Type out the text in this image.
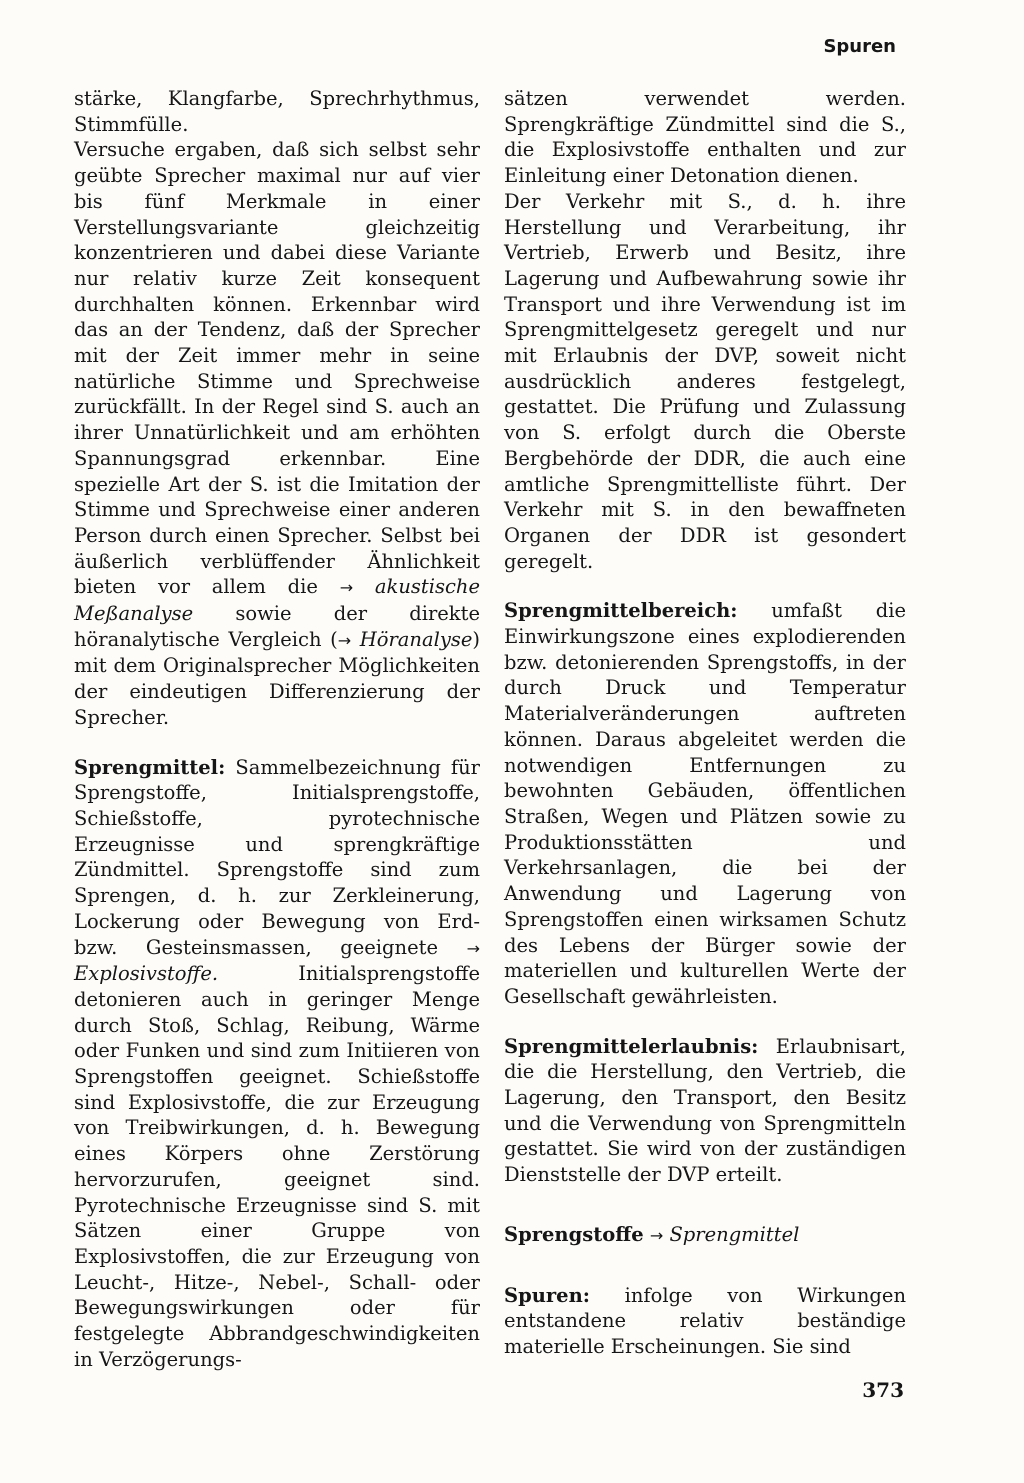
Spuren

stärke, Klangfarbe, Sprechrhythmus, Stimmfülle.

Versuche ergaben, daß sich selbst sehr geübte Sprecher maximal nur auf vier bis fünf Merkmale in einer Verstellungsvariante gleichzeitig konzentrieren und dabei diese Variante nur relativ kurze Zeit konsequent durchhalten können. Erkennbar wird das an der Tendenz, daß der Sprecher mit der Zeit immer mehr in seine natürliche Stimme und Sprechweise zurückfällt. In der Regel sind S. auch an ihrer Unnatürlichkeit und am erhöhten Spannungsgrad erkennbar. Eine spezielle Art der S. ist die Imitation der Stimme und Sprechweise einer anderen Person durch einen Sprecher. Selbst bei äußerlich verblüffender Ähnlichkeit bieten vor allem die → akustische Meßanalyse sowie der direkte höranalytische Vergleich (→ Höranalyse) mit dem Originalsprecher Möglichkeiten der eindeutigen Differenzierung der Sprecher.

Sprengmittel: Sammelbezeichnung für Sprengstoffe, Initialsprengstoffe, Schießstoffe, pyrotechnische Erzeugnisse und sprengkräftige Zündmittel. Sprengstoffe sind zum Sprengen, d. h. zur Zerkleinerung, Lockerung oder Bewegung von Erd- bzw. Gesteinsmassen, geeignete → Explosivstoffe.	Initialsprengstoffe detonieren auch in geringer Menge durch Stoß, Schlag, Reibung, Wärme oder Funken und sind zum Initiieren von Sprengstoffen geeignet. Schießstoffe sind Explosivstoffe, die zur Erzeugung von Treibwirkungen, d. h. Bewegung eines Körpers ohne Zerstörung hervorzurufen, geeignet sind. Pyrotechnische Erzeugnisse sind S. mit Sätzen einer Gruppe von Explosivstoffen, die zur Erzeugung von Leucht-, Hitze-, Nebel-, Schall- oder Bewegungswirkungen oder für festgelegte Abbrandgeschwindigkeiten in Verzögerungs-

sätzen verwendet werden. Sprengkräftige Zündmittel sind die S., die Explosivstoffe enthalten und zur Einleitung einer Detonation dienen.

Der Verkehr mit S., d. h. ihre Herstellung und Verarbeitung, ihr Vertrieb, Erwerb und Besitz, ihre Lagerung und Aufbewahrung sowie ihr Transport und ihre Verwendung ist im Sprengmittelgesetz geregelt und nur mit Erlaubnis der DVP, soweit nicht ausdrücklich anderes festgelegt, gestattet. Die Prüfung und Zulassung von S. erfolgt durch die Oberste Bergbehörde der DDR, die auch eine amtliche Sprengmittelliste führt. Der Verkehr mit S. in den bewaffneten Organen der DDR ist gesondert geregelt.

Sprengmittelbereich: umfaßt die Einwirkungszone eines explodierenden bzw. detonierenden Sprengstoffs, in der durch Druck und Temperatur Materialveränderungen auftreten können. Daraus abgeleitet werden die notwendigen Entfernungen zu bewohnten Gebäuden, öffentlichen Straßen, Wegen und Plätzen sowie zu Produktionsstätten und Verkehrsanlagen, die bei der Anwendung und Lagerung von Sprengstoffen einen wirksamen Schutz des Lebens der Bürger sowie der materiellen und kulturellen Werte der Gesellschaft gewährleisten.

Sprengmittelerlaubnis: Erlaubnisart, die die Herstellung, den Vertrieb, die Lagerung, den Transport, den Besitz und die Verwendung von Sprengmitteln gestattet. Sie wird von der zuständigen Dienststelle der DVP erteilt.

Sprengstoffe → Sprengmittel

Spuren: infolge von Wirkungen entstandene relativ beständige materielle Erscheinungen. Sie sind

373
